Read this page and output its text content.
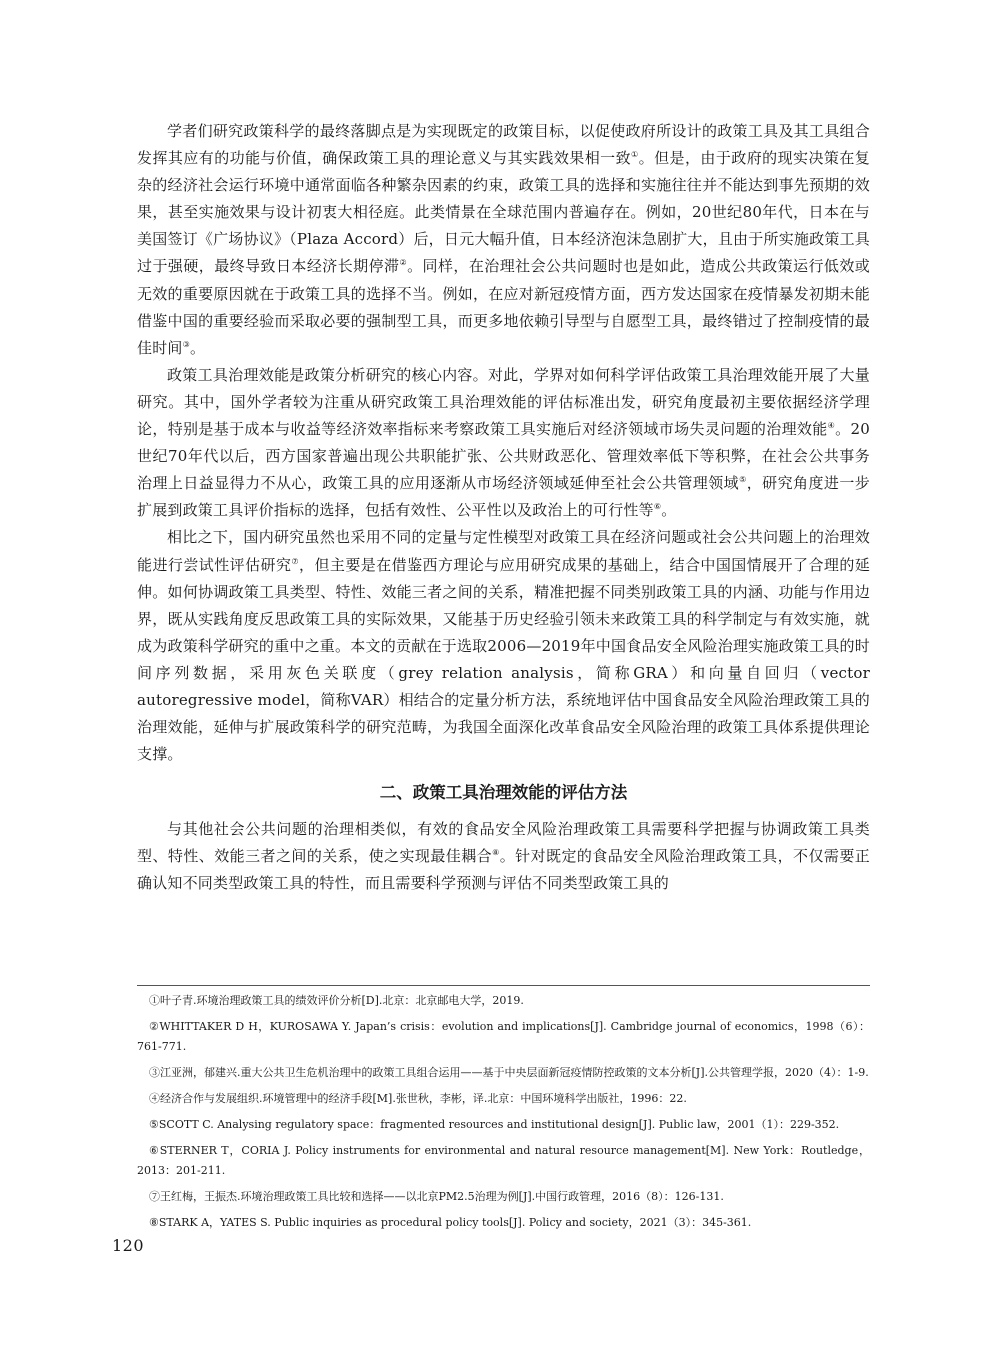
学者们研究政策科学的最终落脚点是为实现既定的政策目标，以促使政府所设计的政策工具及其工具组合发挥其应有的功能与价值，确保政策工具的理论意义与其实践效果相一致①。但是，由于政府的现实决策在复杂的经济社会运行环境中通常面临各种繁杂因素的约束，政策工具的选择和实施往往并不能达到事先预期的效果，甚至实施效果与设计初衷大相径庭。此类情景在全球范围内普遍存在。例如，20世纪80年代，日本在与美国签订《广场协议》（Plaza Accord）后，日元大幅升值，日本经济泡沫急剧扩大，且由于所实施政策工具过于强硬，最终导致日本经济长期停滞②。同样，在治理社会公共问题时也是如此，造成公共政策运行低效或无效的重要原因就在于政策工具的选择不当。例如，在应对新冠疫情方面，西方发达国家在疫情暴发初期未能借鉴中国的重要经验而采取必要的强制型工具，而更多地依赖引导型与自愿型工具，最终错过了控制疫情的最佳时间③。

政策工具治理效能是政策分析研究的核心内容。对此，学界对如何科学评估政策工具治理效能开展了大量研究。其中，国外学者较为注重从研究政策工具治理效能的评估标准出发，研究角度最初主要依据经济学理论，特别是基于成本与收益等经济效率指标来考察政策工具实施后对经济领域市场失灵问题的治理效能④。20世纪70年代以后，西方国家普遍出现公共职能扩张、公共财政恶化、管理效率低下等积弊，在社会公共事务治理上日益显得力不从心，政策工具的应用逐渐从市场经济领域延伸至社会公共管理领域⑤，研究角度进一步扩展到政策工具评价指标的选择，包括有效性、公平性以及政治上的可行性等⑥。

相比之下，国内研究虽然也采用不同的定量与定性模型对政策工具在经济问题或社会公共问题上的治理效能进行尝试性评估研究⑦，但主要是在借鉴西方理论与应用研究成果的基础上，结合中国国情展开了合理的延伸。如何协调政策工具类型、特性、效能三者之间的关系，精准把握不同类别政策工具的内涵、功能与作用边界，既从实践角度反思政策工具的实际效果，又能基于历史经验引领未来政策工具的科学制定与有效实施，就成为政策科学研究的重中之重。本文的贡献在于选取2006—2019年中国食品安全风险治理实施政策工具的时间序列数据，采用灰色关联度（grey relation analysis，简称GRA）和向量自回归（vector autoregressive model，简称VAR）相结合的定量分析方法，系统地评估中国食品安全风险治理政策工具的治理效能，延伸与扩展政策科学的研究范畴，为我国全面深化改革食品安全风险治理的政策工具体系提供理论支撑。

二、政策工具治理效能的评估方法

与其他社会公共问题的治理相类似，有效的食品安全风险治理政策工具需要科学把握与协调政策工具类型、特性、效能三者之间的关系，使之实现最佳耦合⑧。针对既定的食品安全风险治理政策工具，不仅需要正确认知不同类型政策工具的特性，而且需要科学预测与评估不同类型政策工具的

①叶子青.环境治理政策工具的绩效评价分析[D].北京：北京邮电大学，2019.

②WHITTAKER D H，KUROSAWA Y. Japan’s crisis：evolution and implications[J]. Cambridge journal of economics，1998（6）：761-771.

③江亚洲，郁建兴.重大公共卫生危机治理中的政策工具组合运用——基于中央层面新冠疫情防控政策的文本分析[J].公共管理学报，2020（4）：1-9.

④经济合作与发展组织.环境管理中的经济手段[M].张世秋，李彬，译.北京：中国环境科学出版社，1996：22.

⑤SCOTT C. Analysing regulatory space：fragmented resources and institutional design[J]. Public law，2001（1）：229-352.

⑥STERNER T，CORIA J. Policy instruments for environmental and natural resource management[M]. New York：Routledge，2013：201-211.

⑦王红梅，王振杰.环境治理政策工具比较和选择——以北京PM2.5治理为例[J].中国行政管理，2016（8）：126-131.

⑧STARK A，YATES S. Public inquiries as procedural policy tools[J]. Policy and society，2021（3）：345-361.

120
